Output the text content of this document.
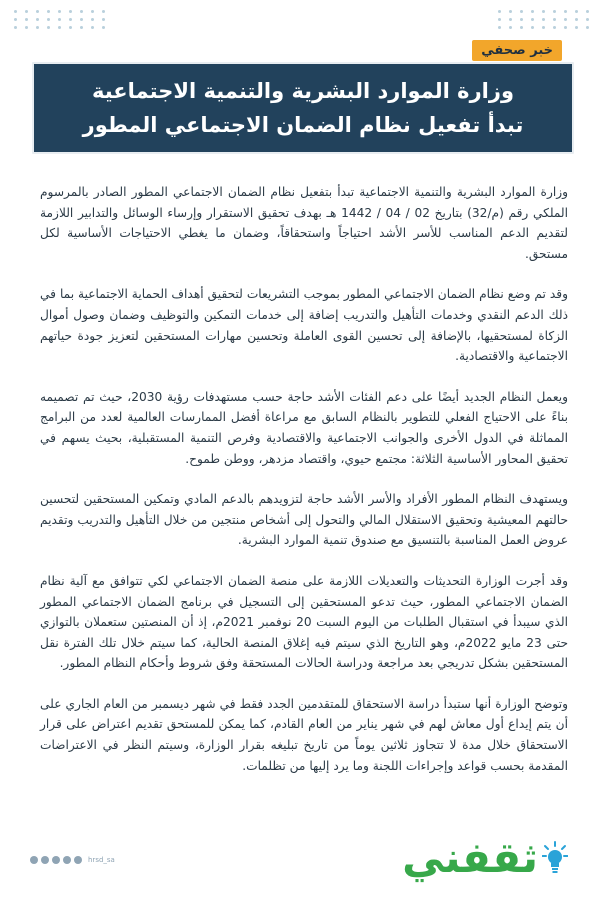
خبر صحفي
وزارة الموارد البشرية والتنمية الاجتماعية
تبدأ تفعيل نظام الضمان الاجتماعي المطور

وزارة الموارد البشرية والتنمية الاجتماعية تبدأ بتفعيل نظام الضمان الاجتماعي المطور الصادر بالمرسوم الملكي رقم (م/32) بتاريخ 02 / 04 / 1442 هـ بهدف تحقيق الاستقرار وإرساء الوسائل والتدابير اللازمة لتقديم الدعم المناسب للأسر الأشد احتياجاً واستحقاقاً، وضمان ما يغطي الاحتياجات الأساسية لكل مستحق.

وقد تم وضع نظام الضمان الاجتماعي المطور بموجب التشريعات لتحقيق أهداف الحماية الاجتماعية بما في ذلك الدعم النقدي وخدمات التأهيل والتدريب إضافة إلى خدمات التمكين والتوظيف وضمان وصول أموال الزكاة لمستحقيها، بالإضافة إلى تحسين القوى العاملة وتحسين مهارات المستحقين لتعزيز جودة حياتهم الاجتماعية والاقتصادية.

ويعمل النظام الجديد أيضًا على دعم الفئات الأشد حاجة حسب مستهدفات رؤية 2030، حيث تم تصميمه بناءً على الاحتياج الفعلي للتطوير بالنظام السابق مع مراعاة أفضل الممارسات العالمية لعدد من البرامج المماثلة في الدول الأخرى والجوانب الاجتماعية والاقتصادية وفرص التنمية المستقبلية، بحيث يسهم في تحقيق المحاور الأساسية الثلاثة: مجتمع حيوي، واقتصاد مزدهر، ووطن طموح.

ويستهدف النظام المطور الأفراد والأسر الأشد حاجة لتزويدهم بالدعم المادي وتمكين المستحقين لتحسين حالتهم المعيشية وتحقيق الاستقلال المالي والتحول إلى أشخاص منتجين من خلال التأهيل والتدريب وتقديم عروض العمل المناسبة بالتنسيق مع صندوق تنمية الموارد البشرية.

وقد أجرت الوزارة التحديثات والتعديلات اللازمة على منصة الضمان الاجتماعي لكي تتوافق مع آلية نظام الضمان الاجتماعي المطور، حيث تدعو المستحقين إلى التسجيل في برنامج الضمان الاجتماعي المطور الذي سيبدأ في استقبال الطلبات من اليوم السبت 20 نوفمبر 2021م، إذ أن المنصتين ستعملان بالتوازي حتى 23 مايو 2022م، وهو التاريخ الذي سيتم فيه إغلاق المنصة الحالية، كما سيتم خلال تلك الفترة نقل المستحقين بشكل تدريجي بعد مراجعة ودراسة الحالات المستحقة وفق شروط وأحكام النظام المطور.

وتوضح الوزارة أنها ستبدأ دراسة الاستحقاق للمتقدمين الجدد فقط في شهر ديسمبر من العام الجاري على أن يتم إيداع أول معاش لهم في شهر يناير من العام القادم، كما يمكن للمستحق تقديم اعتراض على قرار الاستحقاق خلال مدة لا تتجاوز ثلاثين يوماً من تاريخ تبليغه بقرار الوزارة، وسيتم النظر في الاعتراضات المقدمة بحسب قواعد وإجراءات اللجنة وما يرد إليها من تظلمات.

hrsd_sa	ثقفني
